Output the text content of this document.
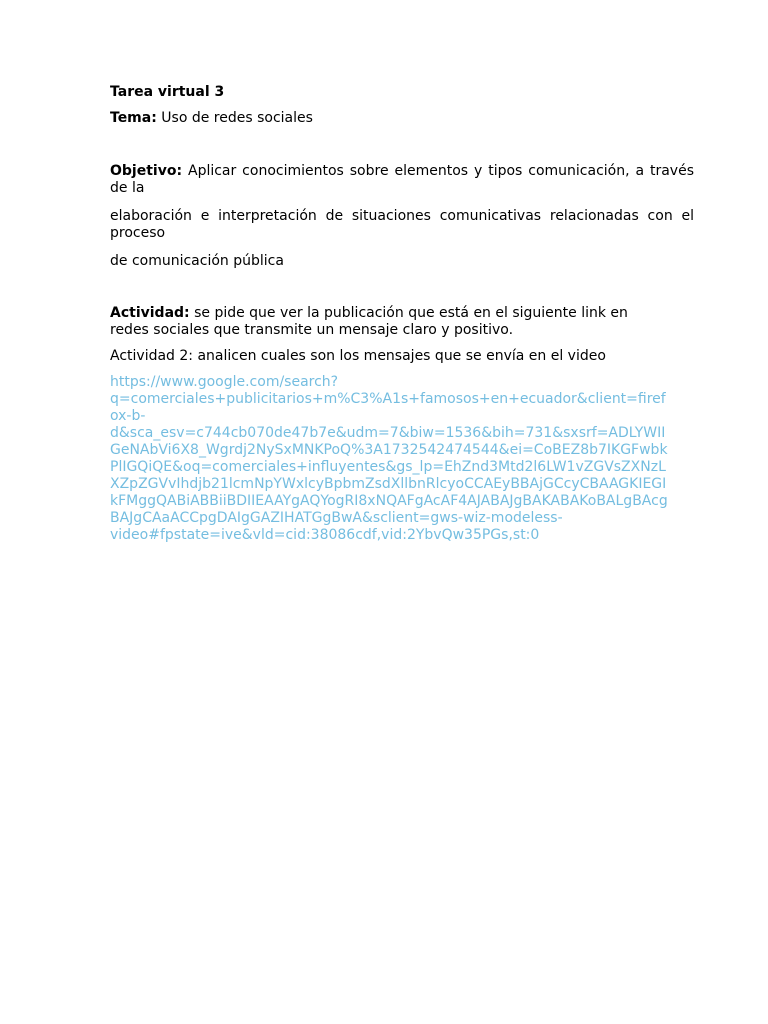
Tarea virtual 3

Tema: Uso de redes sociales

Objetivo: Aplicar conocimientos sobre elementos y tipos comunicación, a través de la

elaboración e interpretación de situaciones comunicativas relacionadas con el proceso

de comunicación pública

Actividad: se pide que ver la publicación que está en el siguiente link en redes sociales que transmite un mensaje claro y positivo.

Actividad 2: analicen cuales son los mensajes que se envía en el video

https://www.google.com/search?q=comerciales+publicitarios+m%C3%A1s+famosos+en+ecuador&client=firefox-b-d&sca_esv=c744cb070de47b7e&udm=7&biw=1536&bih=731&sxsrf=ADLYWIIGeNAbVi6X8_Wgrdj2NySxMNKPoQ%3A1732542474544&ei=CoBEZ8b7IKGFwbkPlIGQiQE&oq=comerciales+influyentes&gs_lp=EhZnd3Mtd2l6LW1vZGVsZXNzLXZpZGVvIhdjb21lcmNpYWxlcyBpbmZsdXllbnRlcyoCCAEyBBAjGCcyCBAAGKIEGIkFMggQABiABBiiBDIIEAAYgAQYogRI8xNQAFgAcAF4AJABAJgBAKABAKoBALgBAcgBAJgCAaACCpgDAIgGAZIHATGgBwA&sclient=gws-wiz-modeless-video#fpstate=ive&vld=cid:38086cdf,vid:2YbvQw35PGs,st:0
